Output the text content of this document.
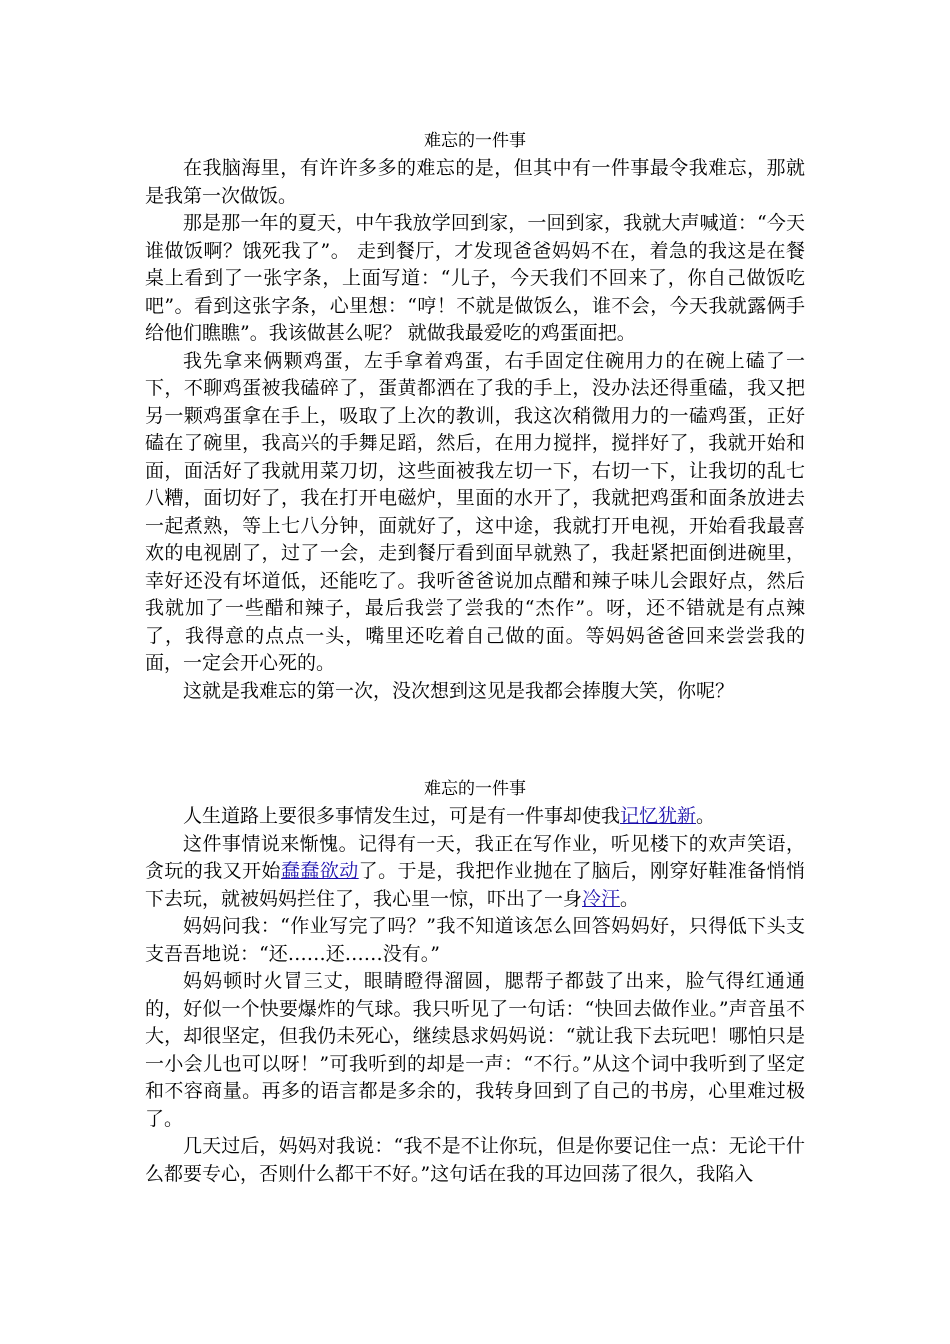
难忘的一件事

在我脑海里，有许许多多的难忘的是，但其中有一件事最令我难忘，那就是我第一次做饭。

那是那一年的夏天，中午我放学回到家，一回到家，我就大声喊道：“今天谁做饭啊？饿死我了”。 走到餐厅，才发现爸爸妈妈不在，着急的我这是在餐桌上看到了一张字条，上面写道：“儿子，今天我们不回来了，你自己做饭吃吧”。看到这张字条，心里想：“哼！不就是做饭么，谁不会，今天我就露俩手给他们瞧瞧”。我该做甚么呢？ 就做我最爱吃的鸡蛋面把。

我先拿来俩颗鸡蛋，左手拿着鸡蛋，右手固定住碗用力的在碗上磕了一下，不聊鸡蛋被我磕碎了，蛋黄都洒在了我的手上，没办法还得重磕，我又把另一颗鸡蛋拿在手上，吸取了上次的教训，我这次稍微用力的一磕鸡蛋，正好磕在了碗里，我高兴的手舞足蹈，然后，在用力搅拌，搅拌好了，我就开始和面，面活好了我就用菜刀切，这些面被我左切一下，右切一下，让我切的乱七八糟，面切好了，我在打开电磁炉，里面的水开了，我就把鸡蛋和面条放进去一起煮熟，等上七八分钟，面就好了，这中途，我就打开电视，开始看我最喜欢的电视剧了，过了一会，走到餐厅看到面早就熟了，我赶紧把面倒进碗里，幸好还没有坏道低，还能吃了。我听爸爸说加点醋和辣子味儿会跟好点，然后我就加了一些醋和辣子，最后我尝了尝我的“杰作”。呀，还不错就是有点辣了，我得意的点点一头，嘴里还吃着自己做的面。等妈妈爸爸回来尝尝我的面，一定会开心死的。

这就是我难忘的第一次，没次想到这见是我都会捧腹大笑，你呢？

难忘的一件事

人生道路上要很多事情发生过，可是有一件事却使我记忆犹新。

这件事情说来惭愧。记得有一天，我正在写作业，听见楼下的欢声笑语，贪玩的我又开始蠢蠢欲动了。于是，我把作业抛在了脑后，刚穿好鞋准备悄悄下去玩，就被妈妈拦住了，我心里一惊，吓出了一身冷汗。

妈妈问我：“作业写完了吗？”我不知道该怎么回答妈妈好，只得低下头支支吾吾地说：“还……还……没有。”

妈妈顿时火冒三丈，眼睛瞪得溜圆，腮帮子都鼓了出来，脸气得红通通的，好似一个快要爆炸的气球。我只听见了一句话：“快回去做作业。”声音虽不大，却很坚定，但我仍未死心，继续恳求妈妈说：“就让我下去玩吧！哪怕只是一小会儿也可以呀！”可我听到的却是一声：“不行。”从这个词中我听到了坚定和不容商量。再多的语言都是多余的，我转身回到了自己的书房，心里难过极了。

几天过后，妈妈对我说：“我不是不让你玩，但是你要记住一点：无论干什么都要专心，否则什么都干不好。”这句话在我的耳边回荡了很久，我陷入
